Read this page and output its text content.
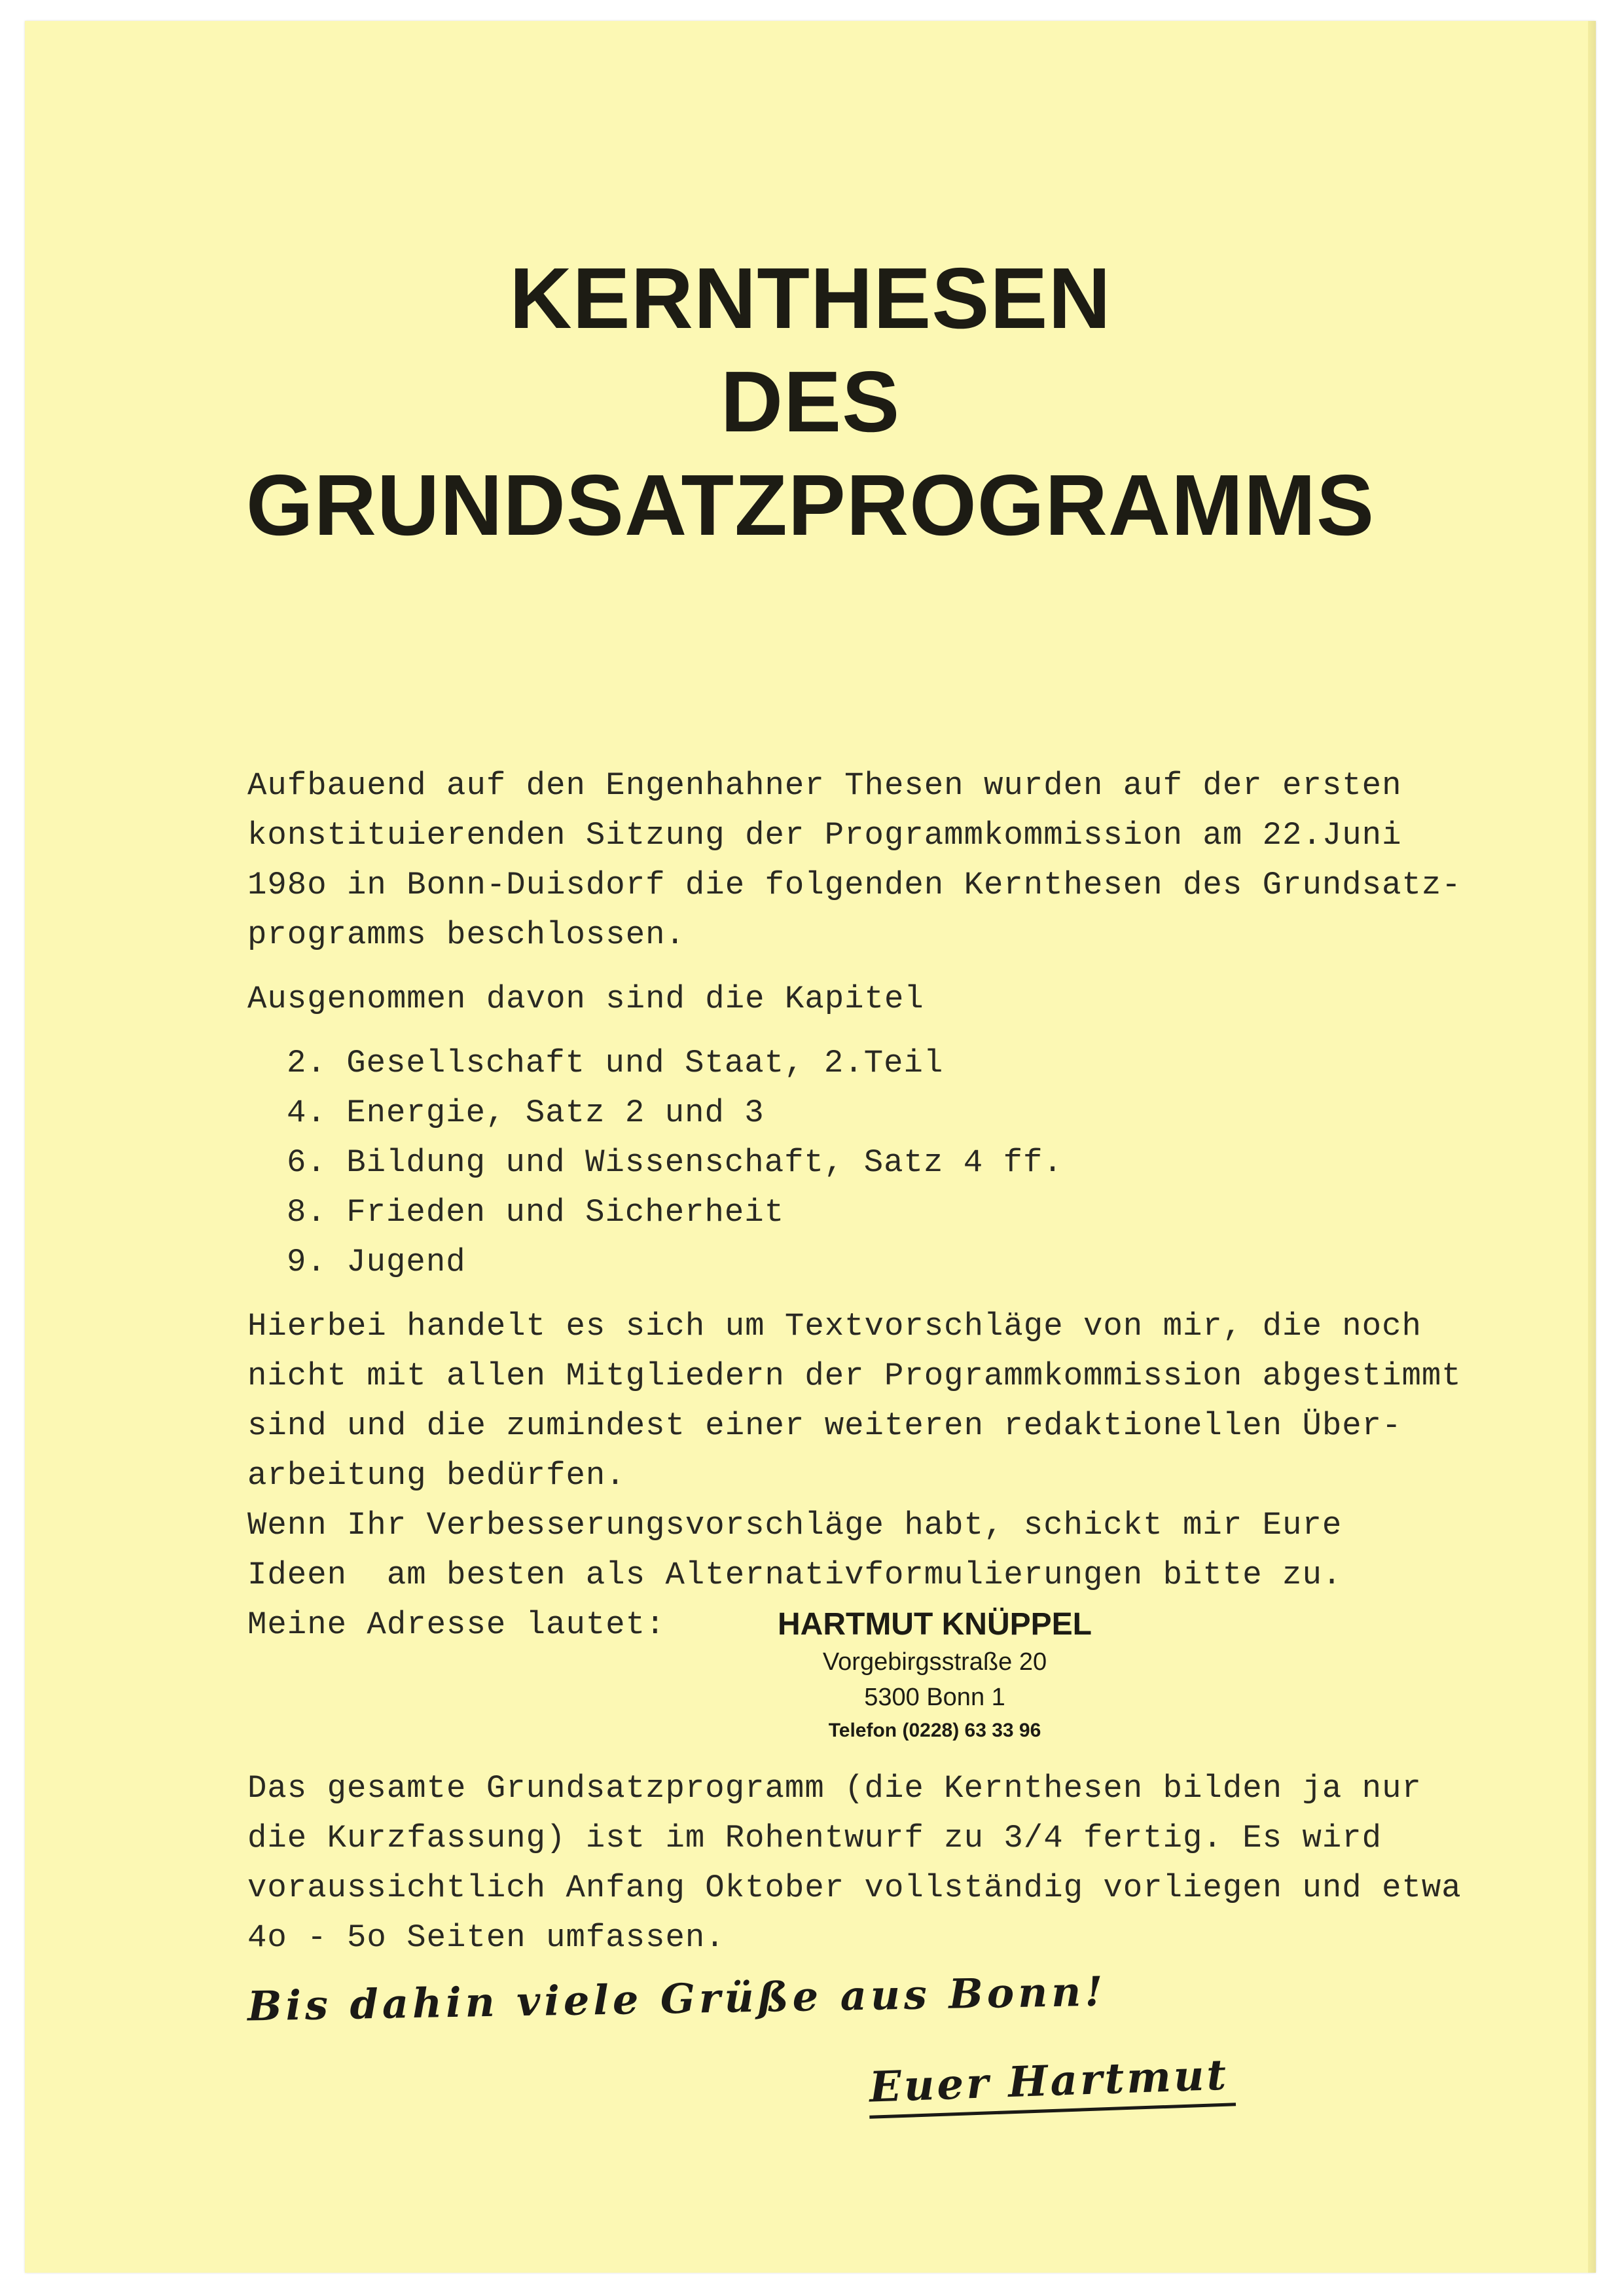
KERNTHESEN
DES
GRUNDSATZPROGRAMMS
Aufbauend auf den Engenhahner Thesen wurden auf der ersten
konstituierenden Sitzung der Programmkommission am 22.Juni
198o in Bonn-Duisdorf die folgenden Kernthesen des Grundsatz-
programms beschlossen.
Ausgenommen davon sind die Kapitel
2. Gesellschaft und Staat, 2.Teil
4. Energie, Satz 2 und 3
6. Bildung und Wissenschaft, Satz 4 ff.
8. Frieden und Sicherheit
9. Jugend
Hierbei handelt es sich um Textvorschläge von mir, die noch
nicht mit allen Mitgliedern der Programmkommission abgestimmt
sind und die zumindest einer weiteren redaktionellen Über-
arbeitung bedürfen.
Wenn Ihr Verbesserungsvorschläge habt, schickt mir Eure
Ideen  am besten als Alternativformulierungen bitte zu.
Meine Adresse lautet:	HARTMUT KNÜPPEL
Vorgebirgsstraße 20
5300 Bonn 1
Telefon (0228) 63 33 96
Das gesamte Grundsatzprogramm (die Kernthesen bilden ja nur
die Kurzfassung) ist im Rohentwurf zu 3/4 fertig. Es wird
voraussichtlich Anfang Oktober vollständig vorliegen und etwa
4o - 5o Seiten umfassen.
Bis dahin viele Grüße aus Bonn!
Euer Hartmut
